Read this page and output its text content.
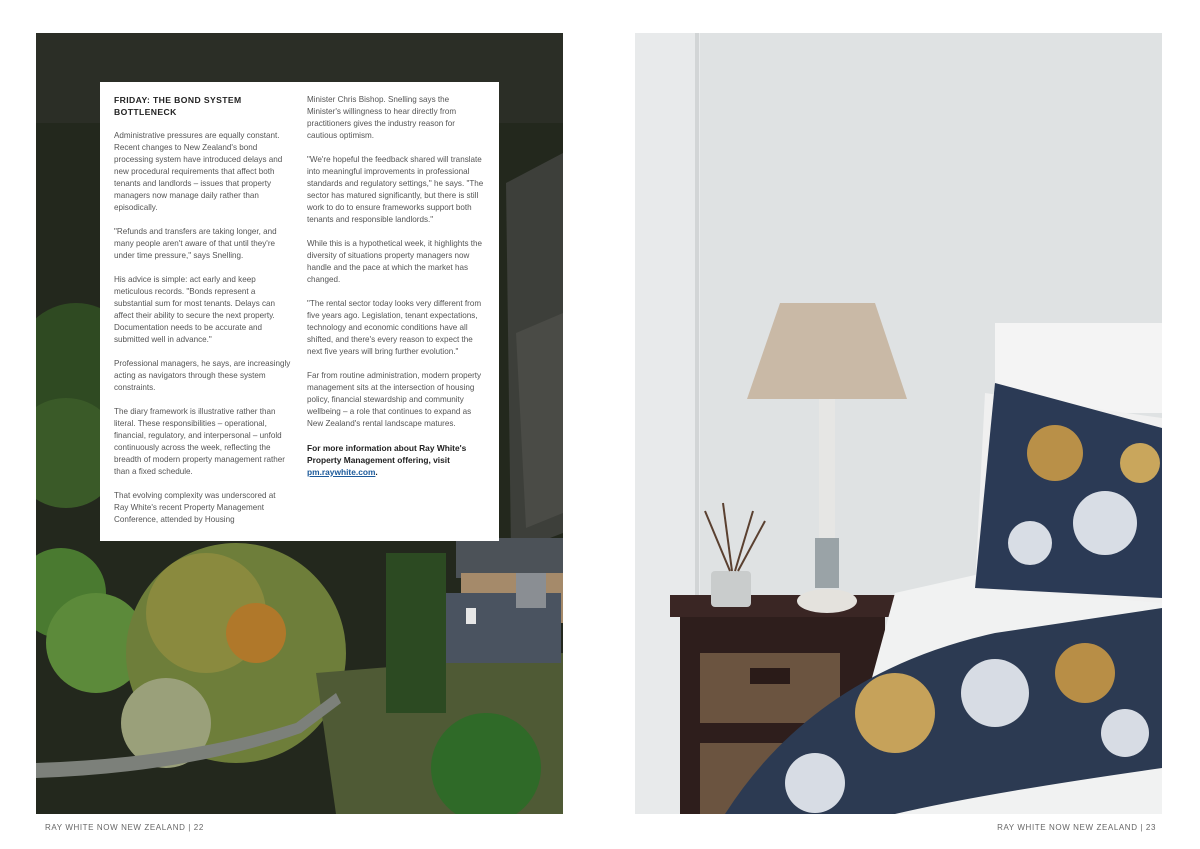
FRIDAY: THE BOND SYSTEM BOTTLENECK

Administrative pressures are equally constant. Recent changes to New Zealand's bond processing system have introduced delays and new procedural requirements that affect both tenants and landlords – issues that property managers now manage daily rather than episodically.

"Refunds and transfers are taking longer, and many people aren't aware of that until they're under time pressure," says Snelling.

His advice is simple: act early and keep meticulous records. "Bonds represent a substantial sum for most tenants. Delays can affect their ability to secure the next property. Documentation needs to be accurate and submitted well in advance."

Professional managers, he says, are increasingly acting as navigators through these system constraints.

The diary framework is illustrative rather than literal. These responsibilities – operational, financial, regulatory, and interpersonal – unfold continuously across the week, reflecting the breadth of modern property management rather than a fixed schedule.

That evolving complexity was underscored at Ray White's recent Property Management Conference, attended by Housing

Minister Chris Bishop. Snelling says the Minister's willingness to hear directly from practitioners gives the industry reason for cautious optimism.

"We're hopeful the feedback shared will translate into meaningful improvements in professional standards and regulatory settings," he says. "The sector has matured significantly, but there is still work to do to ensure frameworks support both tenants and responsible landlords."

While this is a hypothetical week, it highlights the diversity of situations property managers now handle and the pace at which the market has changed.

"The rental sector today looks very different from five years ago. Legislation, tenant expectations, technology and economic conditions have all shifted, and there's every reason to expect the next five years will bring further evolution."

Far from routine administration, modern property management sits at the intersection of housing policy, financial stewardship and community wellbeing – a role that continues to expand as New Zealand's rental landscape matures.

For more information about Ray White's Property Management offering, visit pm.raywhite.com.

RAY WHITE NOW NEW ZEALAND | 22	RAY WHITE NOW NEW ZEALAND | 23
